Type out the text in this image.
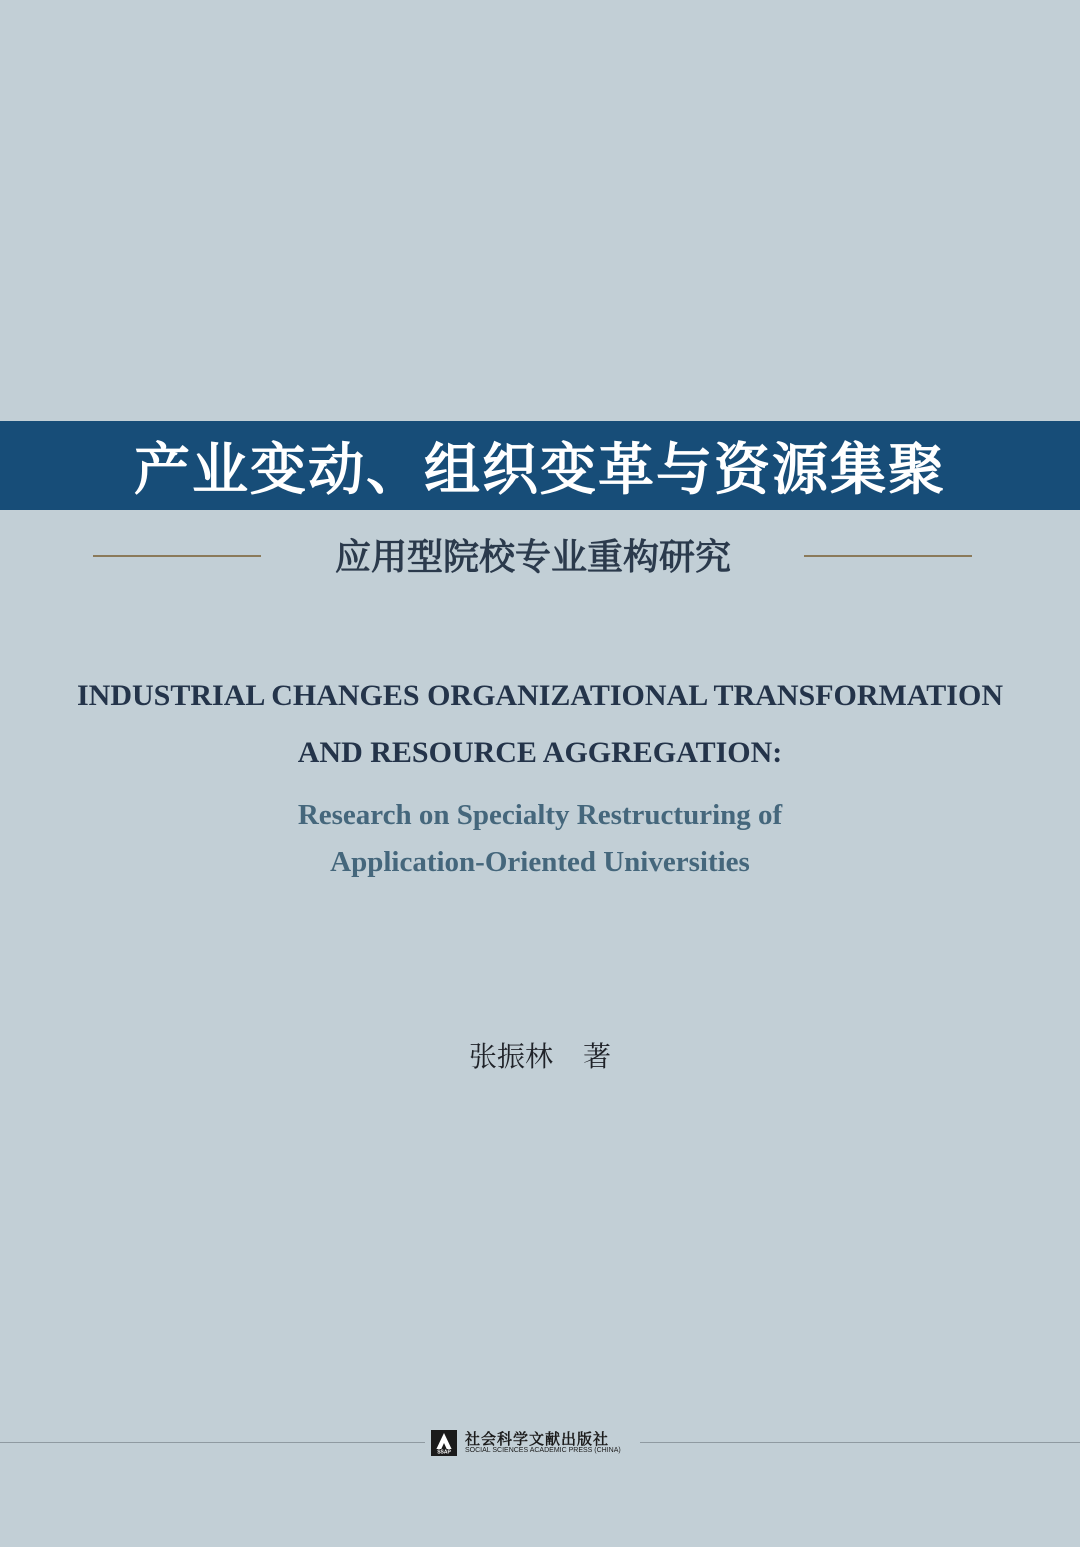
产业变动、组织变革与资源集聚
应用型院校专业重构研究
INDUSTRIAL CHANGES ORGANIZATIONAL TRANSFORMATION
AND RESOURCE AGGREGATION:
Research on Specialty Restructuring of
Application-Oriented Universities
张振林 著
SSAP
社会科学文献出版社
SOCIAL SCIENCES ACADEMIC PRESS (CHINA)
